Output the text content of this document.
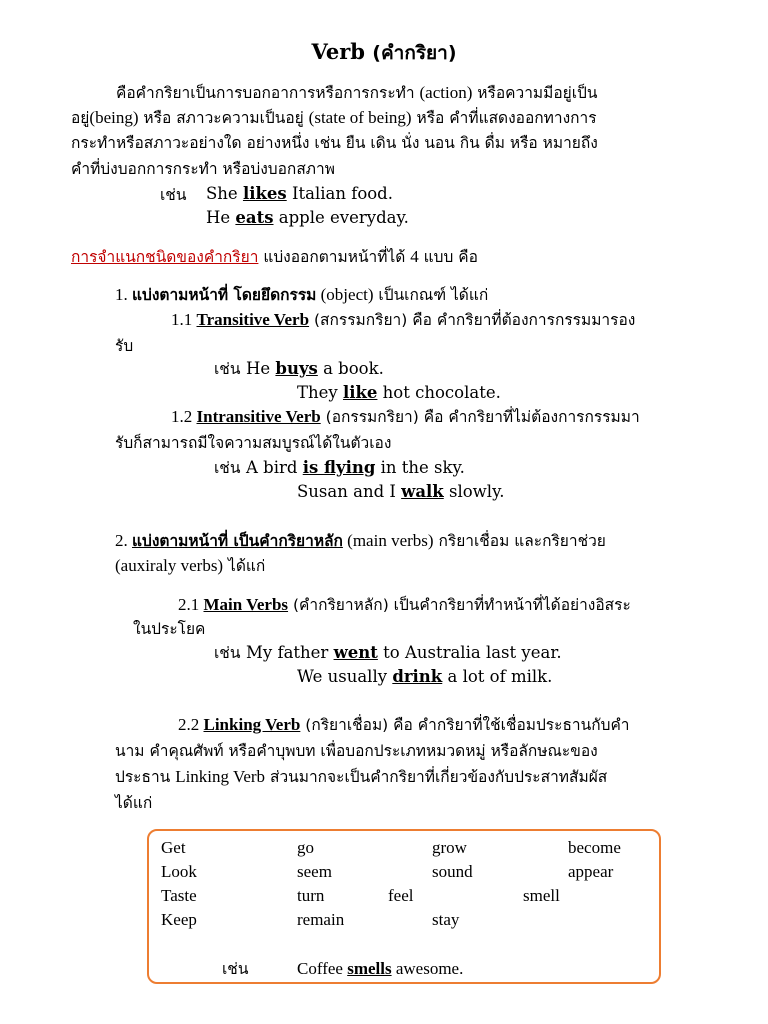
Verb (คำกริยา)
คือคำกริยาเป็นการบอกอาการหรือการกระทำ (action) หรือความมีอยู่เป็น
อยู่(being) หรือ สภาวะความเป็นอยู่ (state of being) หรือ คำที่แสดงออกทางการ
กระทำหรือสภาวะอย่างใด อย่างหนึ่ง เช่น ยืน เดิน นั่ง นอน กิน ดื่ม หรือ หมายถึง
คำที่บ่งบอกการกระทำ หรือบ่งบอกสภาพ
เช่น She likes Italian food.
He eats apple everyday.
การจำแนกชนิดของคำกริยา แบ่งออกตามหน้าที่ได้ 4 แบบ คือ
1. แบ่งตามหน้าที่ โดยยึดกรรม (object) เป็นเกณฑ์ ได้แก่
1.1 Transitive Verb (สกรรมกริยา) คือ คำกริยาที่ต้องการกรรมมารอง
รับ
เช่น He buys a book.
They like hot chocolate.
1.2 Intransitive Verb (อกรรมกริยา) คือ คำกริยาที่ไม่ต้องการกรรมมา
รับก็สามารถมีใจความสมบูรณ์ได้ในตัวเอง
เช่น A bird is flying in the sky.
Susan and I walk slowly.
2. แบ่งตามหน้าที่ เป็นคำกริยาหลัก (main verbs) กริยาเชื่อม และกริยาช่วย
(auxiraly verbs) ได้แก่
2.1 Main Verbs (คำกริยาหลัก) เป็นคำกริยาที่ทำหน้าที่ได้อย่างอิสระ
ในประโยค
เช่น My father went to Australia last year.
We usually drink a lot of milk.
2.2 Linking Verb (กริยาเชื่อม) คือ คำกริยาที่ใช้เชื่อมประธานกับคำ
นาม คำคุณศัพท์ หรือคำบุพบท เพื่อบอกประเภทหมวดหมู่ หรือลักษณะของ
ประธาน Linking Verb ส่วนมากจะเป็นคำกริยาที่เกี่ยวข้องกับประสาทสัมผัส
ได้แก่
Get	go	grow	become
Look	seem	sound	appear
Taste	turn	feel	smell
Keep	remain	stay
เช่น	Coffee smells awesome.
